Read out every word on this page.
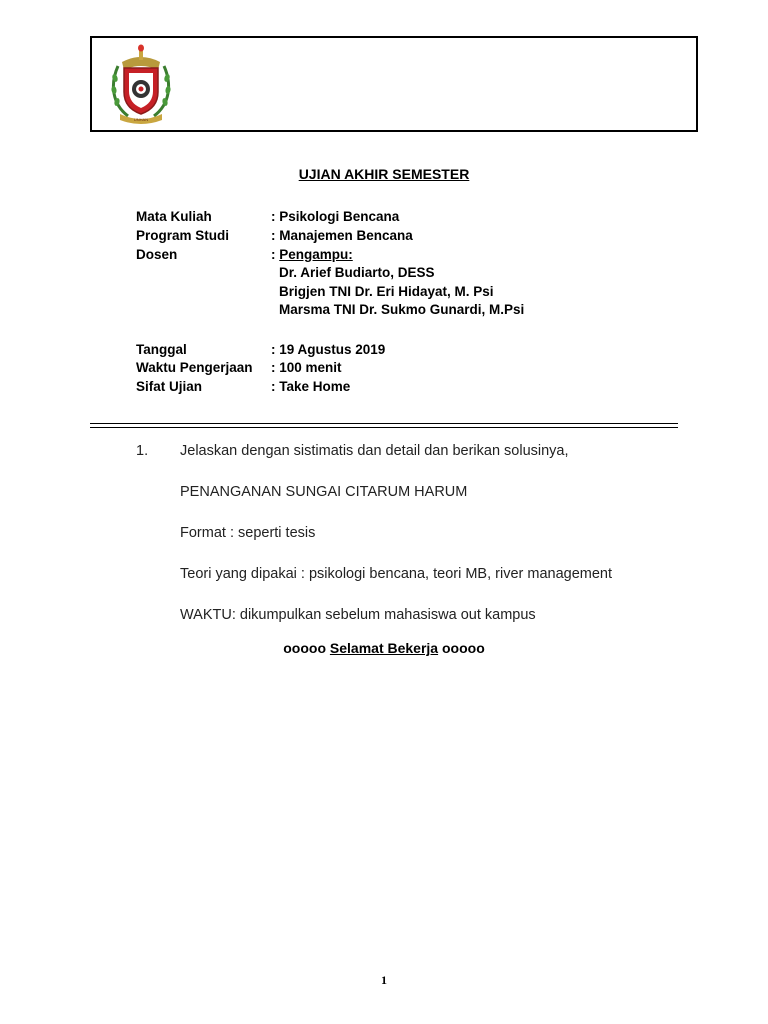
UNHAN
UJIAN AKHIR SEMESTER
Mata Kuliah	: Psikologi Bencana
Program Studi	: Manajemen Bencana
Dosen	: Pengampu:
Dr. Arief Budiarto, DESS
Brigjen TNI Dr. Eri Hidayat, M. Psi
Marsma TNI Dr. Sukmo Gunardi, M.Psi
Tanggal	: 19 Agustus 2019
Waktu Pengerjaan	: 100 menit
Sifat Ujian	: Take Home
1. Jelaskan dengan sistimatis dan detail dan berikan solusinya,
PENANGANAN SUNGAI CITARUM HARUM
Format : seperti tesis
Teori yang dipakai : psikologi bencana, teori MB, river management
WAKTU: dikumpulkan sebelum mahasiswa out kampus
ooooo Selamat Bekerja ooooo
1
